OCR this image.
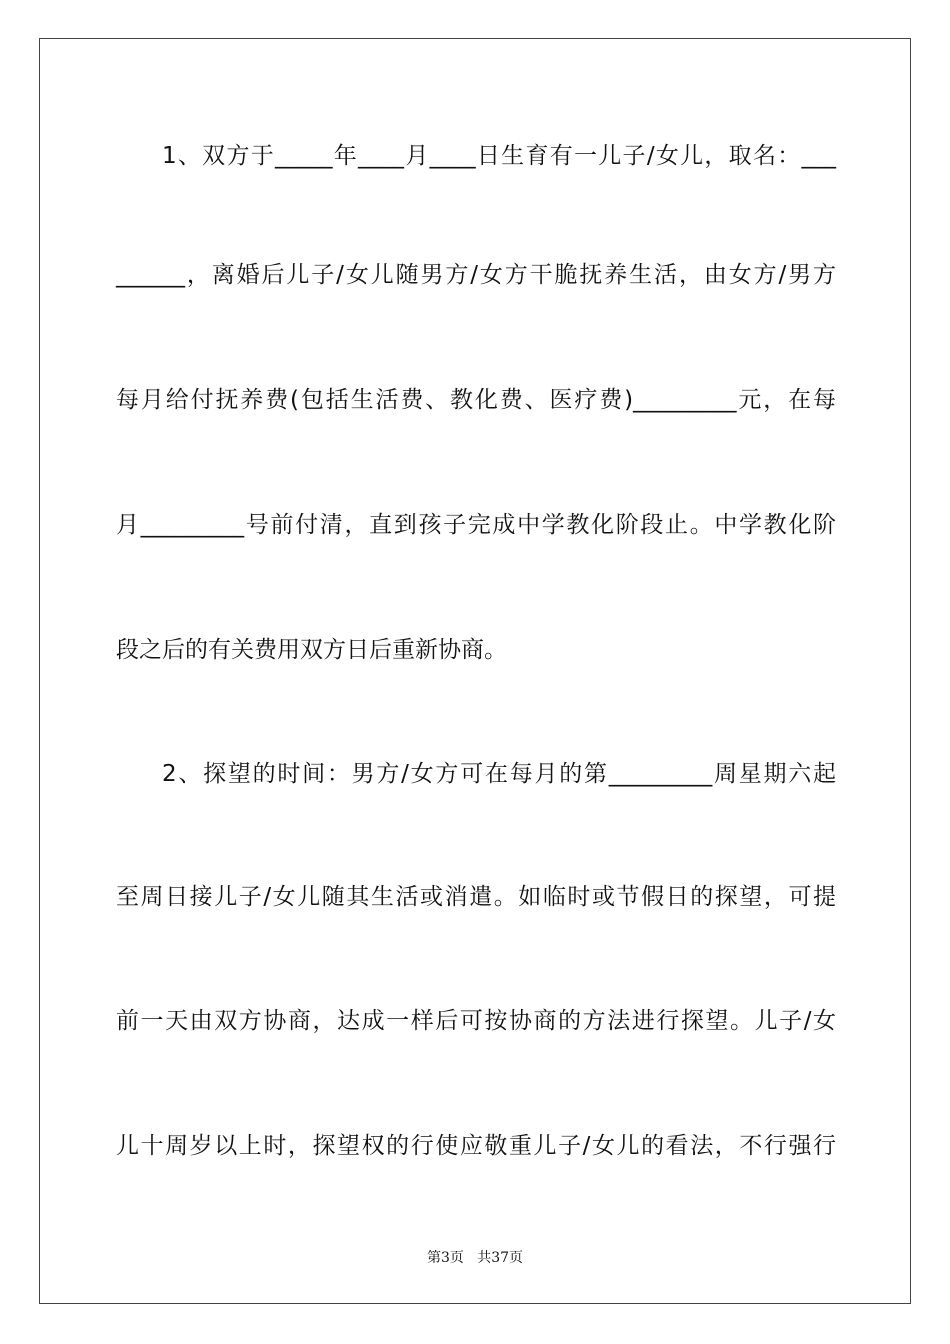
1、双方于_____年____月____日生育有一儿子/女儿，取名：___
______，离婚后儿子/女儿随男方/女方干脆抚养生活，由女方/男方
每月给付抚养费(包括生活费、教化费、医疗费)_________元，在每
月_________号前付清，直到孩子完成中学教化阶段止。中学教化阶
段之后的有关费用双方日后重新协商。
2、探望的时间：男方/女方可在每月的第_________周星期六起
至周日接儿子/女儿随其生活或消遣。如临时或节假日的探望，可提
前一天由双方协商，达成一样后可按协商的方法进行探望。儿子/女
儿十周岁以上时，探望权的行使应敬重儿子/女儿的看法，不行强行
第3页   共37页
